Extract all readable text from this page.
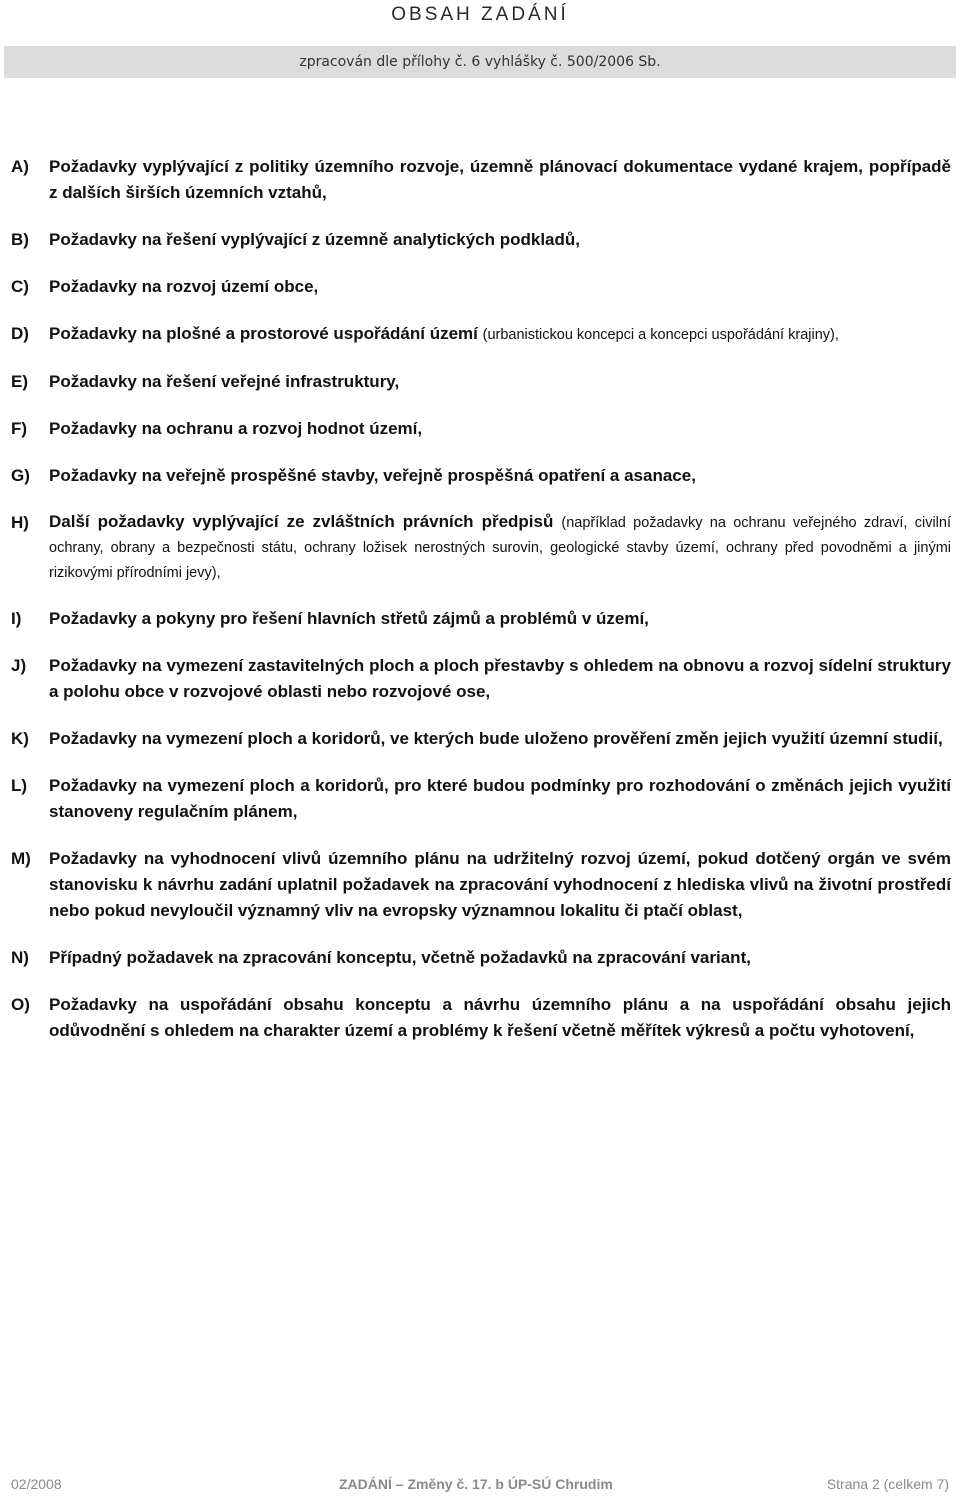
OBSAH ZADÁNÍ
zpracován dle přílohy č. 6 vyhlášky č. 500/2006 Sb.
A)	Požadavky vyplývající z politiky územního rozvoje, územně plánovací dokumentace vydané krajem, popřípadě z dalších širších územních vztahů,
B)	Požadavky na řešení vyplývající z územně analytických podkladů,
C)	Požadavky na rozvoj území obce,
D)	Požadavky na plošné a prostorové uspořádání území (urbanistickou koncepci a koncepci uspořádání krajiny),
E)	Požadavky na řešení veřejné infrastruktury,
F)	Požadavky na ochranu a rozvoj hodnot území,
G)	Požadavky na veřejně prospěšné stavby, veřejně prospěšná opatření a asanace,
H)	Další požadavky vyplývající ze zvláštních právních předpisů (například požadavky na ochranu veřejného zdraví, civilní ochrany, obrany a bezpečnosti státu, ochrany ložisek nerostných surovin, geologické stavby území, ochrany před povodněmi a jinými rizikovými přírodními jevy),
I)	Požadavky a pokyny pro řešení hlavních střetů zájmů a problémů v území,
J)	Požadavky na vymezení zastavitelných ploch a ploch přestavby s ohledem na obnovu a rozvoj sídelní struktury a polohu obce v rozvojové oblasti nebo rozvojové ose,
K)	Požadavky na vymezení ploch a koridorů, ve kterých bude uloženo prověření změn jejich využití územní studií,
L)	Požadavky na vymezení ploch a koridorů, pro které budou podmínky pro rozhodování o změnách jejich využití stanoveny regulačním plánem,
M)	Požadavky na vyhodnocení vlivů územního plánu na udržitelný rozvoj území, pokud dotčený orgán ve svém stanovisku k návrhu zadání uplatnil požadavek na zpracování vyhodnocení z hlediska vlivů na životní prostředí nebo pokud nevyloučil významný vliv na evropsky významnou lokalitu či ptačí oblast,
N)	Případný požadavek na zpracování konceptu, včetně požadavků na zpracování variant,
O)	Požadavky na uspořádání obsahu konceptu a návrhu územního plánu a na uspořádání obsahu jejich odůvodnění s ohledem na charakter území a problémy k řešení včetně měřítek výkresů a počtu vyhotovení,
02/2008	ZADÁNÍ – Změny č. 17. b ÚP-SÚ Chrudim	Strana 2 (celkem 7)
